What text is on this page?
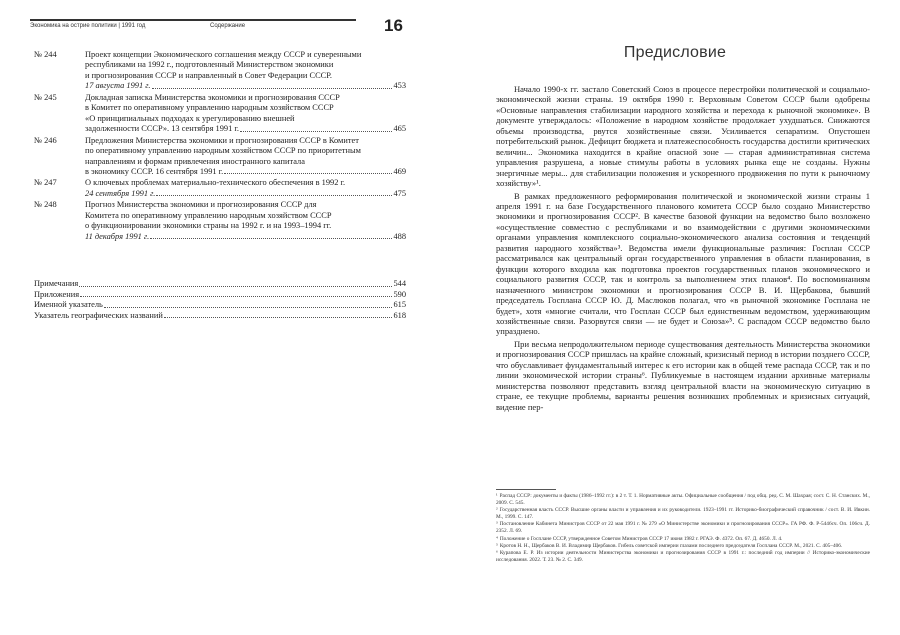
Экономика на острие политики | 1991 год	Содержание	16
№ 244	Проект концепции Экономического соглашения между СССР и суверенными
республиками на 1992 г., подготовленный Министерством экономики
и прогнозирования СССР и направленный в Совет Федерации СССР.
17 августа 1991 г.	453
№ 245	Докладная записка Министерства экономики и прогнозирования СССР
в Комитет по оперативному управлению народным хозяйством СССР
«О принципиальных подходах к урегулированию внешней
задолженности СССР». 13 сентября 1991 г.	465
№ 246	Предложения Министерства экономики и прогнозирования СССР в Комитет
по оперативному управлению народным хозяйством СССР по приоритетным
направлениям и формам привлечения иностранного капитала
в экономику СССР. 16 сентября 1991 г.	469
№ 247	О ключевых проблемах материально-технического обеспечения в 1992 г.
24 сентября 1991 г.	475
№ 248	Прогноз Министерства экономики и прогнозирования СССР для
Комитета по оперативному управлению народным хозяйством СССР
о функционировании экономики страны на 1992 г. и на 1993–1994 гг.
11 декабря 1991 г.	488
Примечания	544
Приложения	590
Именной указатель	615
Указатель географических названий	618
Предисловие

Начало 1990-х гг. застало Советский Союз в процессе перестройки политической и социально-экономической жизни страны. 19 октября 1990 г. Верховным Советом СССР были одобрены «Основные направления стабилизации народного хозяйства и перехода к рыночной экономике». В документе утверждалось: «Положение в народном хозяйстве продолжает ухудшаться. Снижаются объемы производства, рвутся хозяйственные связи. Усиливается сепаратизм. Опустошен потребительский рынок. Дефицит бюджета и платежеспособность государства достигли критических величин... Экономика находится в крайне опасной зоне — старая административная система управления разрушена, а новые стимулы работы в условиях рынка еще не созданы. Нужны энергичные меры... для стабилизации положения и ускоренного продвижения по пути к рыночному хозяйству»¹.

В рамках предложенного реформирования политической и экономической жизни страны 1 апреля 1991 г. на базе Государственного планового комитета СССР было создано Министерство экономики и прогнозирования СССР². В качестве базовой функции на ведомство было возложено «осуществление совместно с республиками и во взаимодействии с другими экономическими органами управления комплексного социально-экономического анализа состояния и тенденций развития народного хозяйства»³. Ведомства имели функциональные различия: Госплан СССР рассматривался как центральный орган государственного управления в области планирования, в функции которого входила как подготовка проектов государственных планов экономического и социального развития СССР, так и контроль за выполнением этих планов⁴. По воспоминаниям назначенного министром экономики и прогнозирования СССР В. И. Щербакова, бывший председатель Госплана СССР Ю. Д. Маслюков полагал, что «в рыночной экономике Госплана не будет», хотя «многие считали, что Госплан СССР был единственным ведомством, удерживающим хозяйственные связи. Разорвутся связи — не будет и Союза»⁵. С распадом СССР ведомство было упразднено.

При весьма непродолжительном периоде существования деятельность Министерства экономики и прогнозирования СССР пришлась на крайне сложный, кризисный период в истории позднего СССР, что обуславливает фундаментальный интерес к его истории как в общей теме распада СССР, так и по линии экономической истории страны⁶. Публикуемые в настоящем издании архивные материалы министерства позволяют представить взгляд центральной власти на экономическую ситуацию в стране, ее текущие проблемы, варианты решения возникших проблемных и кризисных ситуаций, видение пер-

¹ Распад СССР: документы и факты (1986–1992 гг.): в 2 т. Т. 1. Нормативные акты. Официальные сообщения / под общ. ред. С. М. Шахрая; сост. С. Н. Станских. М., 2009. С. 545.

² Государственная власть СССР. Высшие органы власти и управления и их руководители. 1923–1991 гг. Историко-биографический справочник / сост. В. И. Ивкин. М., 1999. С. 147.

³ Постановление Кабинета Министров СССР от 22 мая 1991 г. № 279 «О Министерстве экономики и прогнозирования СССР». ГА РФ. Ф. Р-5446сч. Оп. 106сч. Д. 2352. Л. 69.

⁴ Положение о Госплане СССР, утвержденное Советом Министров СССР 17 июня 1982 г. РГАЭ. Ф. 4372. Оп. 67. Д. 4650. Л. 4.

⁵ Кротов Н. Н., Щербаков В. И. Владимир Щербаков. Гибель советской империи глазами последнего председателя Госплана СССР. М., 2021. С. 405–406.

⁶ Курапова Е. Р. Из истории деятельности Министерства экономики и прогнозирования СССР в 1991 г.: последний год империи // Историко-экономические исследования. 2022. Т. 23. № 2. С. 349.
